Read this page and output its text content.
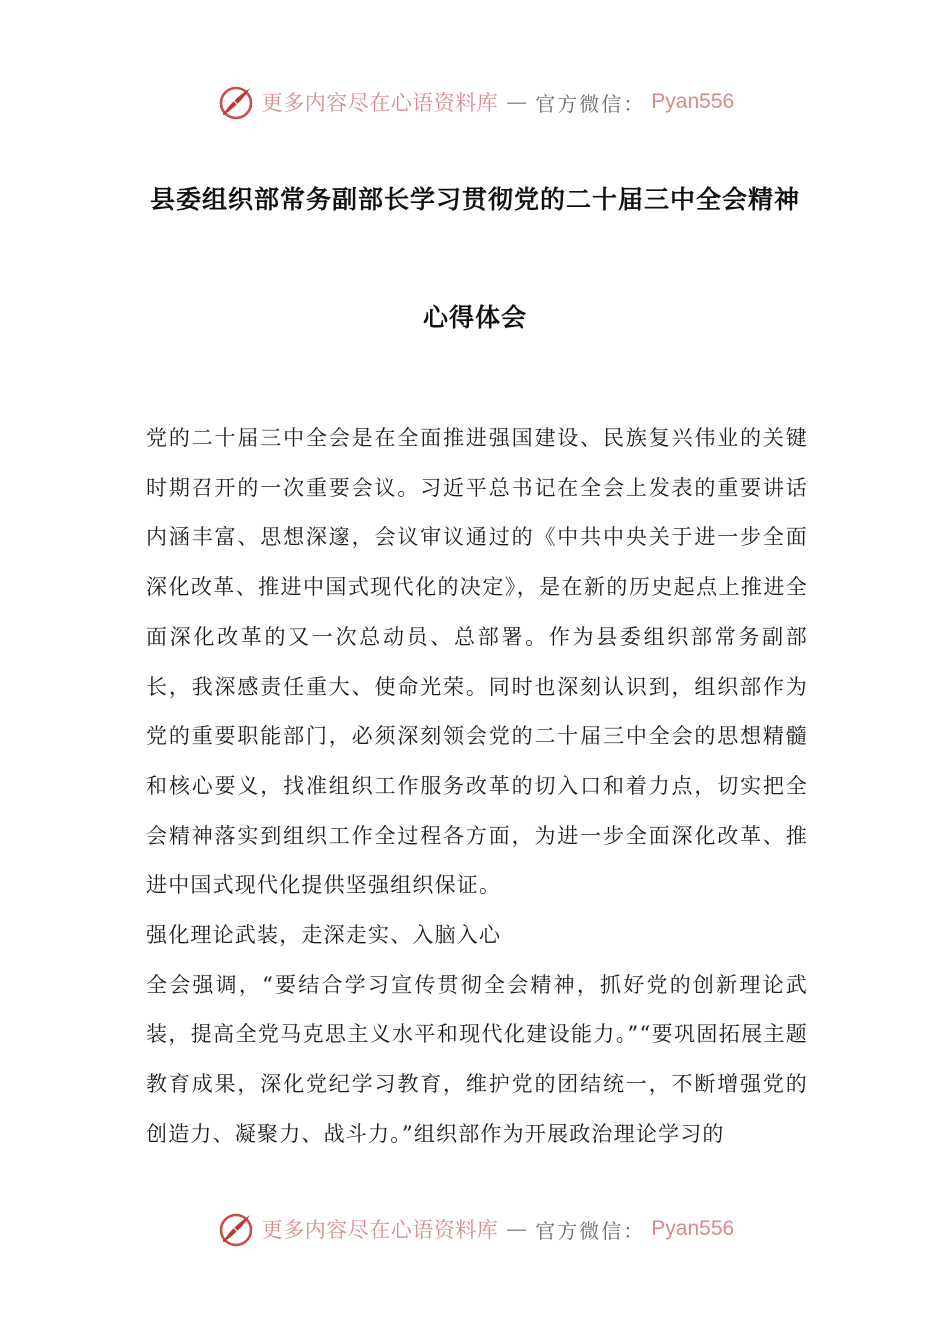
更多内容尽在心语资料库 — 官方微信： Pyan556
县委组织部常务副部长学习贯彻党的二十届三中全会精神
心得体会

党的二十届三中全会是在全面推进强国建设、民族复兴伟业的关键时期召开的一次重要会议。习近平总书记在全会上发表的重要讲话内涵丰富、思想深邃，会议审议通过的《中共中央关于进一步全面深化改革、推进中国式现代化的决定》，是在新的历史起点上推进全面深化改革的又一次总动员、总部署。作为县委组织部常务副部长，我深感责任重大、使命光荣。同时也深刻认识到，组织部作为党的重要职能部门，必须深刻领会党的二十届三中全会的思想精髓和核心要义，找准组织工作服务改革的切入口和着力点，切实把全会精神落实到组织工作全过程各方面，为进一步全面深化改革、推进中国式现代化提供坚强组织保证。

强化理论武装，走深走实、入脑入心

全会强调，“要结合学习宣传贯彻全会精神，抓好党的创新理论武装，提高全党马克思主义水平和现代化建设能力。”“要巩固拓展主题教育成果，深化党纪学习教育，维护党的团结统一，不断增强党的创造力、凝聚力、战斗力。”组织部作为开展政治理论学习的

更多内容尽在心语资料库 — 官方微信： Pyan556
